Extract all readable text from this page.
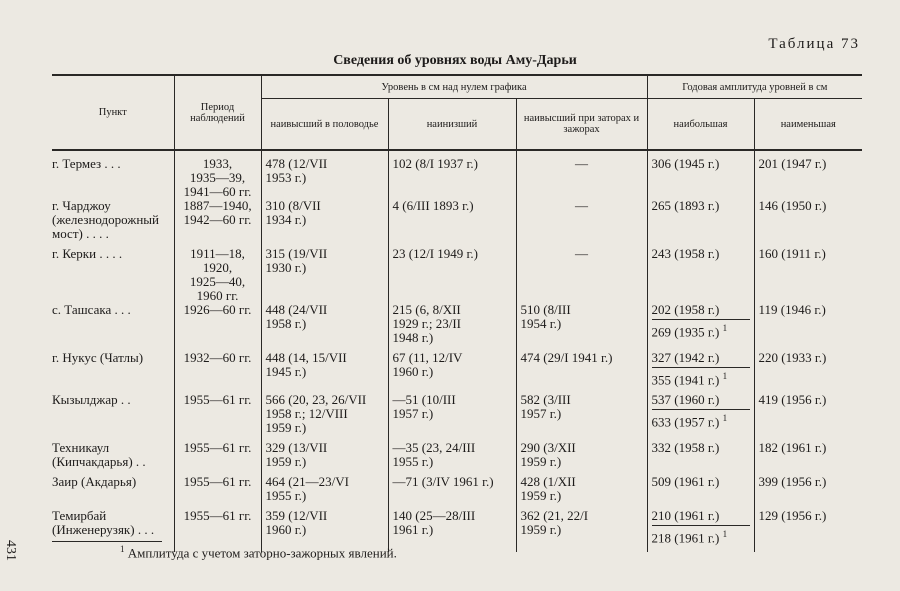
Таблица 73
Сведения об уровнях воды Аму-Дарьи
Пункт	Период наблюдений	Уровень в см над нулем графика			Годовая амплитуда уровней в см	
		наивысший в половодье	наинизший	наивысший при заторах и зажорах	наибольшая	наименьшая
г. Термез . . .	1933,
1935—39,
1941—60 гг.	478 (12/VII
1953 г.)	102 (8/I 1937 г.)	—	306 (1945 г.)	201 (1947 г.)
г. Чарджоу (железнодорожный мост) . . . .	1887—1940,
1942—60 гг.	310 (8/VII
1934 г.)	4 (6/III 1893 г.)	—	265 (1893 г.)	146 (1950 г.)
г. Керки . . . .	1911—18,
1920,
1925—40,
1960 гг.	315 (19/VII
1930 г.)	23 (12/I 1949 г.)	—	243 (1958 г.)	160 (1911 г.)
с. Ташсака . . .	1926—60 гг.	448 (24/VII
1958 г.)	215 (6, 8/XII
1929 г.; 23/II
1948 г.)	510 (8/III
1954 г.)	202 (1958 г.)
269 (1935 г.) $^1$	119 (1946 г.)
г. Нукус (Чатлы)	1932—60 гг.	448 (14, 15/VII
1945 г.)	67 (11, 12/IV
1960 г.)	474 (29/I 1941 г.)	327 (1942 г.)
355 (1941 г.) $^1$	220 (1933 г.)
Кызылджар . .	1955—61 гг.	566 (20, 23, 26/VII
1958 г.; 12/VIII
1959 г.)	—51 (10/III
1957 г.)	582 (3/III
1957 г.)	537 (1960 г.)
633 (1957 г.) $^1$	419 (1956 г.)
Техникаул (Кипчакдарья) . .	1955—61 гг.	329 (13/VII
1959 г.)	—35 (23, 24/III
1955 г.)	290 (3/XII
1959 г.)	332 (1958 г.)	182 (1961 г.)
Заир (Акдарья)	1955—61 гг.	464 (21—23/VI
1955 г.)	—71 (3/IV 1961 г.)	428 (1/XII
1959 г.)	509 (1961 г.)	399 (1956 г.)
Темирбай (Инженерузяк) . . .	1955—61 гг.	359 (12/VII
1960 г.)	140 (25—28/III
1961 г.)	362 (21, 22/I
1959 г.)	210 (1961 г.)
218 (1961 г.) $^1$	129 (1956 г.)
$^1$ Амплитуда с учетом заторно-зажорных явлений.
431
